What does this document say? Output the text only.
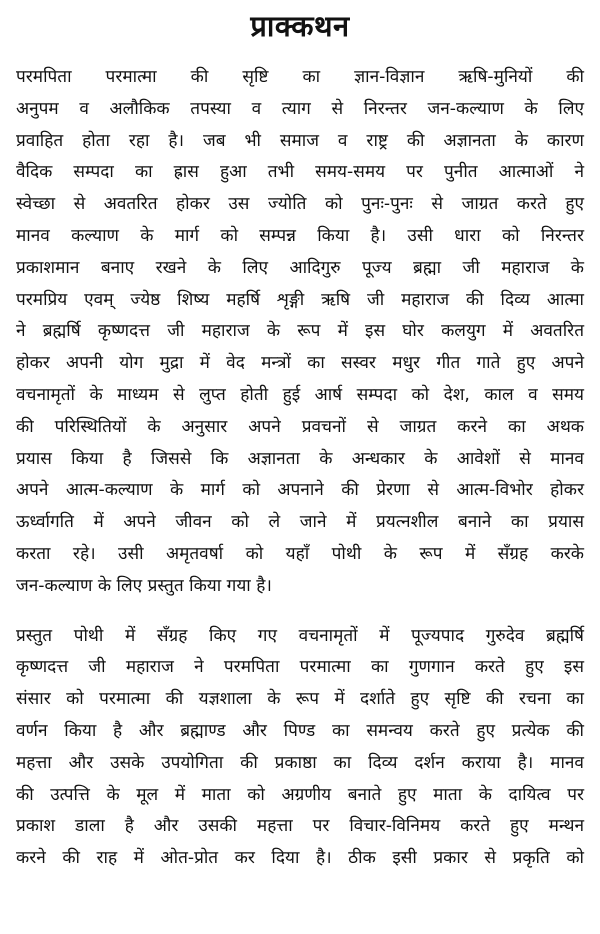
प्राक्कथन
परमपिता परमात्मा की सृष्टि का ज्ञान-विज्ञान ऋषि-मुनियों की
अनुपम व अलौकिक तपस्या व त्याग से निरन्तर जन-कल्याण के लिए
प्रवाहित होता रहा है। जब भी समाज व राष्ट्र की अज्ञानता के कारण
वैदिक सम्पदा का ह्रास हुआ तभी समय-समय पर पुनीत आत्माओं ने
स्वेच्छा से अवतरित होकर उस ज्योति को पुनः-पुनः से जाग्रत करते हुए
मानव कल्याण के मार्ग को सम्पन्न किया है। उसी धारा को निरन्तर
प्रकाशमान बनाए रखने के लिए आदिगुरु पूज्य ब्रह्मा जी महाराज के
परमप्रिय एवम् ज्येष्ठ शिष्य महर्षि शृङ्गी ऋषि जी महाराज की दिव्य आत्मा
ने ब्रह्मर्षि कृष्णदत्त जी महाराज के रूप में इस घोर कलयुग में अवतरित
होकर अपनी योग मुद्रा में वेद मन्त्रों का सस्वर मधुर गीत गाते हुए अपने
वचनामृतों के माध्यम से लुप्त होती हुई आर्ष सम्पदा को देश, काल व समय
की परिस्थितियों के अनुसार अपने प्रवचनों से जाग्रत करने का अथक
प्रयास किया है जिससे कि अज्ञानता के अन्धकार के आवेशों से मानव
अपने आत्म-कल्याण के मार्ग को अपनाने की प्रेरणा से आत्म-विभोर होकर
ऊर्ध्वागति में अपने जीवन को ले जाने में प्रयत्नशील बनाने का प्रयास
करता रहे। उसी अमृतवर्षा को यहाँ पोथी के रूप में सँग्रह करके
जन-कल्याण के लिए प्रस्तुत किया गया है।
प्रस्तुत पोथी में सँग्रह किए गए वचनामृतों में पूज्यपाद गुरुदेव ब्रह्मर्षि
कृष्णदत्त जी महाराज ने परमपिता परमात्मा का गुणगान करते हुए इस
संसार को परमात्मा की यज्ञशाला के रूप में दर्शाते हुए सृष्टि की रचना का
वर्णन किया है और ब्रह्माण्ड और पिण्ड का समन्वय करते हुए प्रत्येक की
महत्ता और उसके उपयोगिता की प्रकाष्ठा का दिव्य दर्शन कराया है। मानव
की उत्पत्ति के मूल में माता को अग्रणीय बनाते हुए माता के दायित्व पर
प्रकाश डाला है और उसकी महत्ता पर विचार-विनिमय करते हुए मन्थन
करने की राह में ओत-प्रोत कर दिया है। ठीक इसी प्रकार से प्रकृति को
